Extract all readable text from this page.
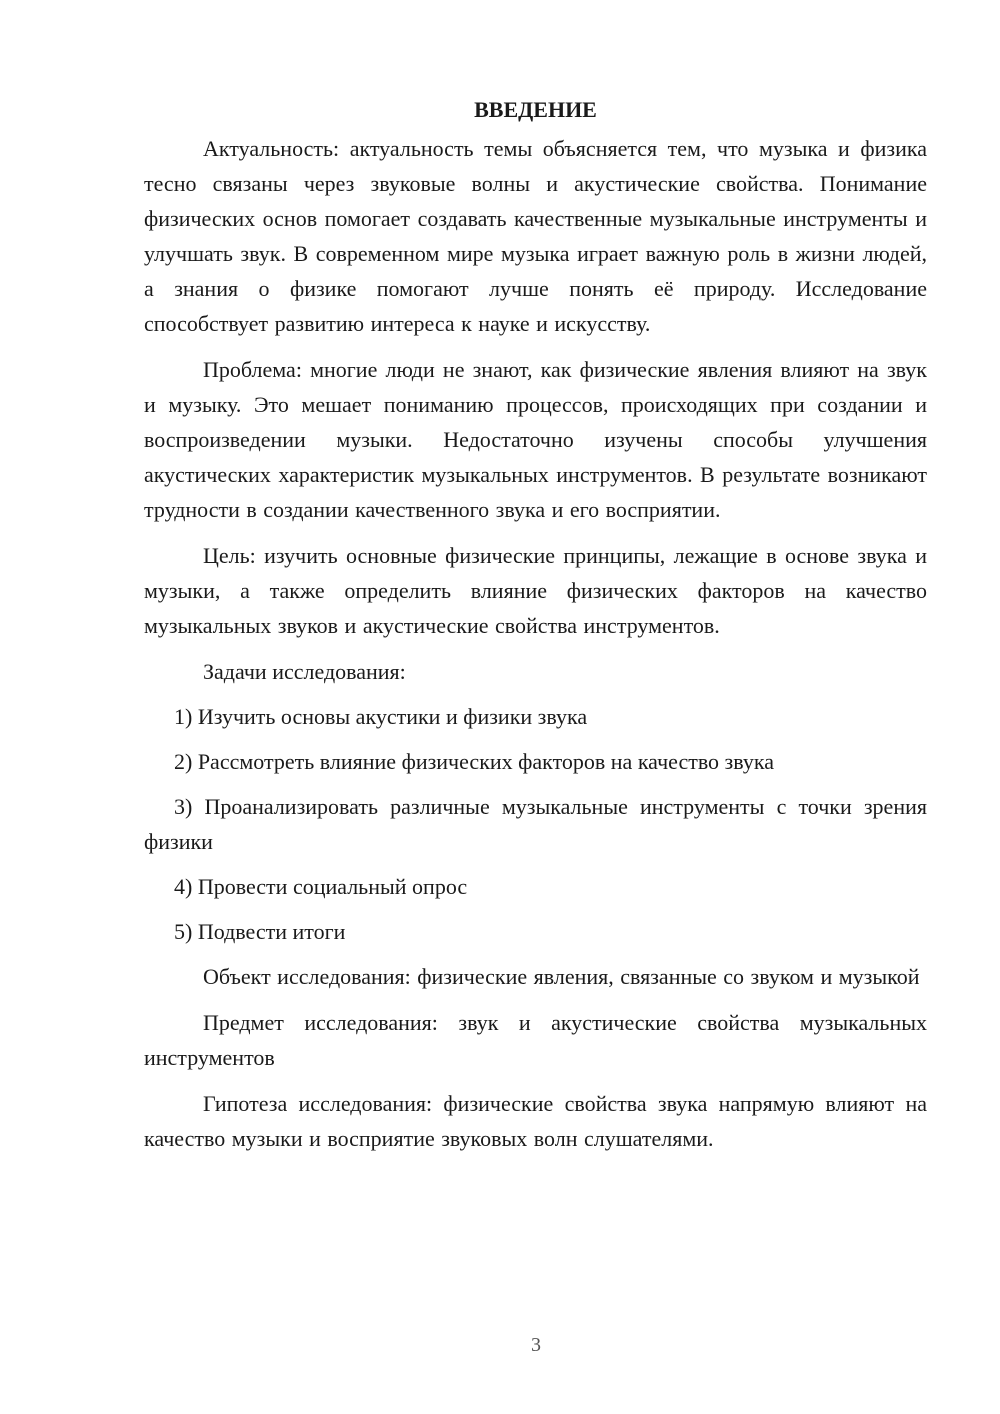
ВВЕДЕНИЕ

Актуальность: актуальность темы объясняется тем, что музыка и физика тесно связаны через звуковые волны и акустические свойства. Понимание физических основ помогает создавать качественные музыкальные инструменты и улучшать звук. В современном мире музыка играет важную роль в жизни людей, а знания о физике помогают лучше понять её природу. Исследование способствует развитию интереса к науке и искусству.

Проблема: многие люди не знают, как физические явления влияют на звук и музыку. Это мешает пониманию процессов, происходящих при создании и воспроизведении музыки. Недостаточно изучены способы улучшения акустических характеристик музыкальных инструментов. В результате возникают трудности в создании качественного звука и его восприятии.

Цель: изучить основные физические принципы, лежащие в основе звука и музыки, а также определить влияние физических факторов на качество музыкальных звуков и акустические свойства инструментов.

Задачи исследования:

1) Изучить основы акустики и физики звука

2) Рассмотреть влияние физических факторов на качество звука

3) Проанализировать различные музыкальные инструменты с точки зрения физики

4) Провести социальный опрос

5) Подвести итоги

Объект исследования: физические явления, связанные со звуком и музыкой

Предмет исследования: звук и акустические свойства музыкальных инструментов

Гипотеза исследования: физические свойства звука напрямую влияют на качество музыки и восприятие звуковых волн слушателями.

3
